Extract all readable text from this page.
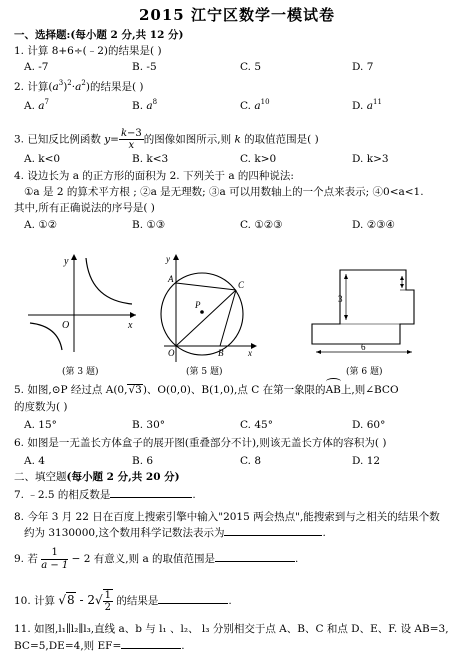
2015 江宁区数学一模试卷
一、选择题:(每小题 2 分,共 12 分)
1. 计算 8+6÷(﹣2)的结果是( )
A. -7	B. -5	C. 5	D. 7
2. 计算$(a^3)^2\cdot a^2$)的结果是( )
A. $a^7$	B. $a^8$	C. $a^{10}$	D. $a^{11}$
3. 已知反比例函数 $y= \frac{k-3}{x}$ 的图像如图所示,则 k 的取值范围是( )
A. k<0	B. k<3	C. k>0	D. k>3
4. 设边长为 a 的正方形的面积为 2. 下列关于 a 的四种说法:
①a 是 2 的算术平方根 ; ②a 是无理数; ③a 可以用数轴上的一个点来表示; ④0<a<1.
其中,所有正确说法的序号是( )
A. ①②	B. ①③	C. ①②③	D. ②③④
x
y
O
(第 3 题)
A
C
P
O	B	x
y
(第 5 题)
3
6
(第 6 题)
5. 如图,⊙P 经过点 A(0,√3)、O(0,0)、B(1,0),点 C 在第一象限的
AB上,则∠BCO
的度数为( )
A. 15°	B. 30°	C. 45°	D. 60°
6. 如图是一无盖长方体盒子的展开图(重叠部分不计),则该无盖长方体的容积为( )
A. 4	B. 6	C. 8	D. 12
二、填空题(每小题 2 分,共 20 分)
7. ﹣2.5 的相反数是	.
8. 今年 3 月 22 日在百度上搜索引擎中输入"2015 两会热点",能搜索到与之相关的结果个数
约为 3130000,这个数用科学记数法表示为	.
9. 若 $\frac{1}{a - 1} - 2$ 有意义,则 a 的取值范围是	.
10. 计算 $√8 - 2√ \frac{1}{2}$ 的结果是	.
11. 如图,l₁∥l₂∥l₃,直线 a、b 与 l₁ 、l₂、 l₃ 分别相交于点 A、B、C 和点 D、E、F. 设 AB=3,
BC=5,DE=4,则 EF=	.
